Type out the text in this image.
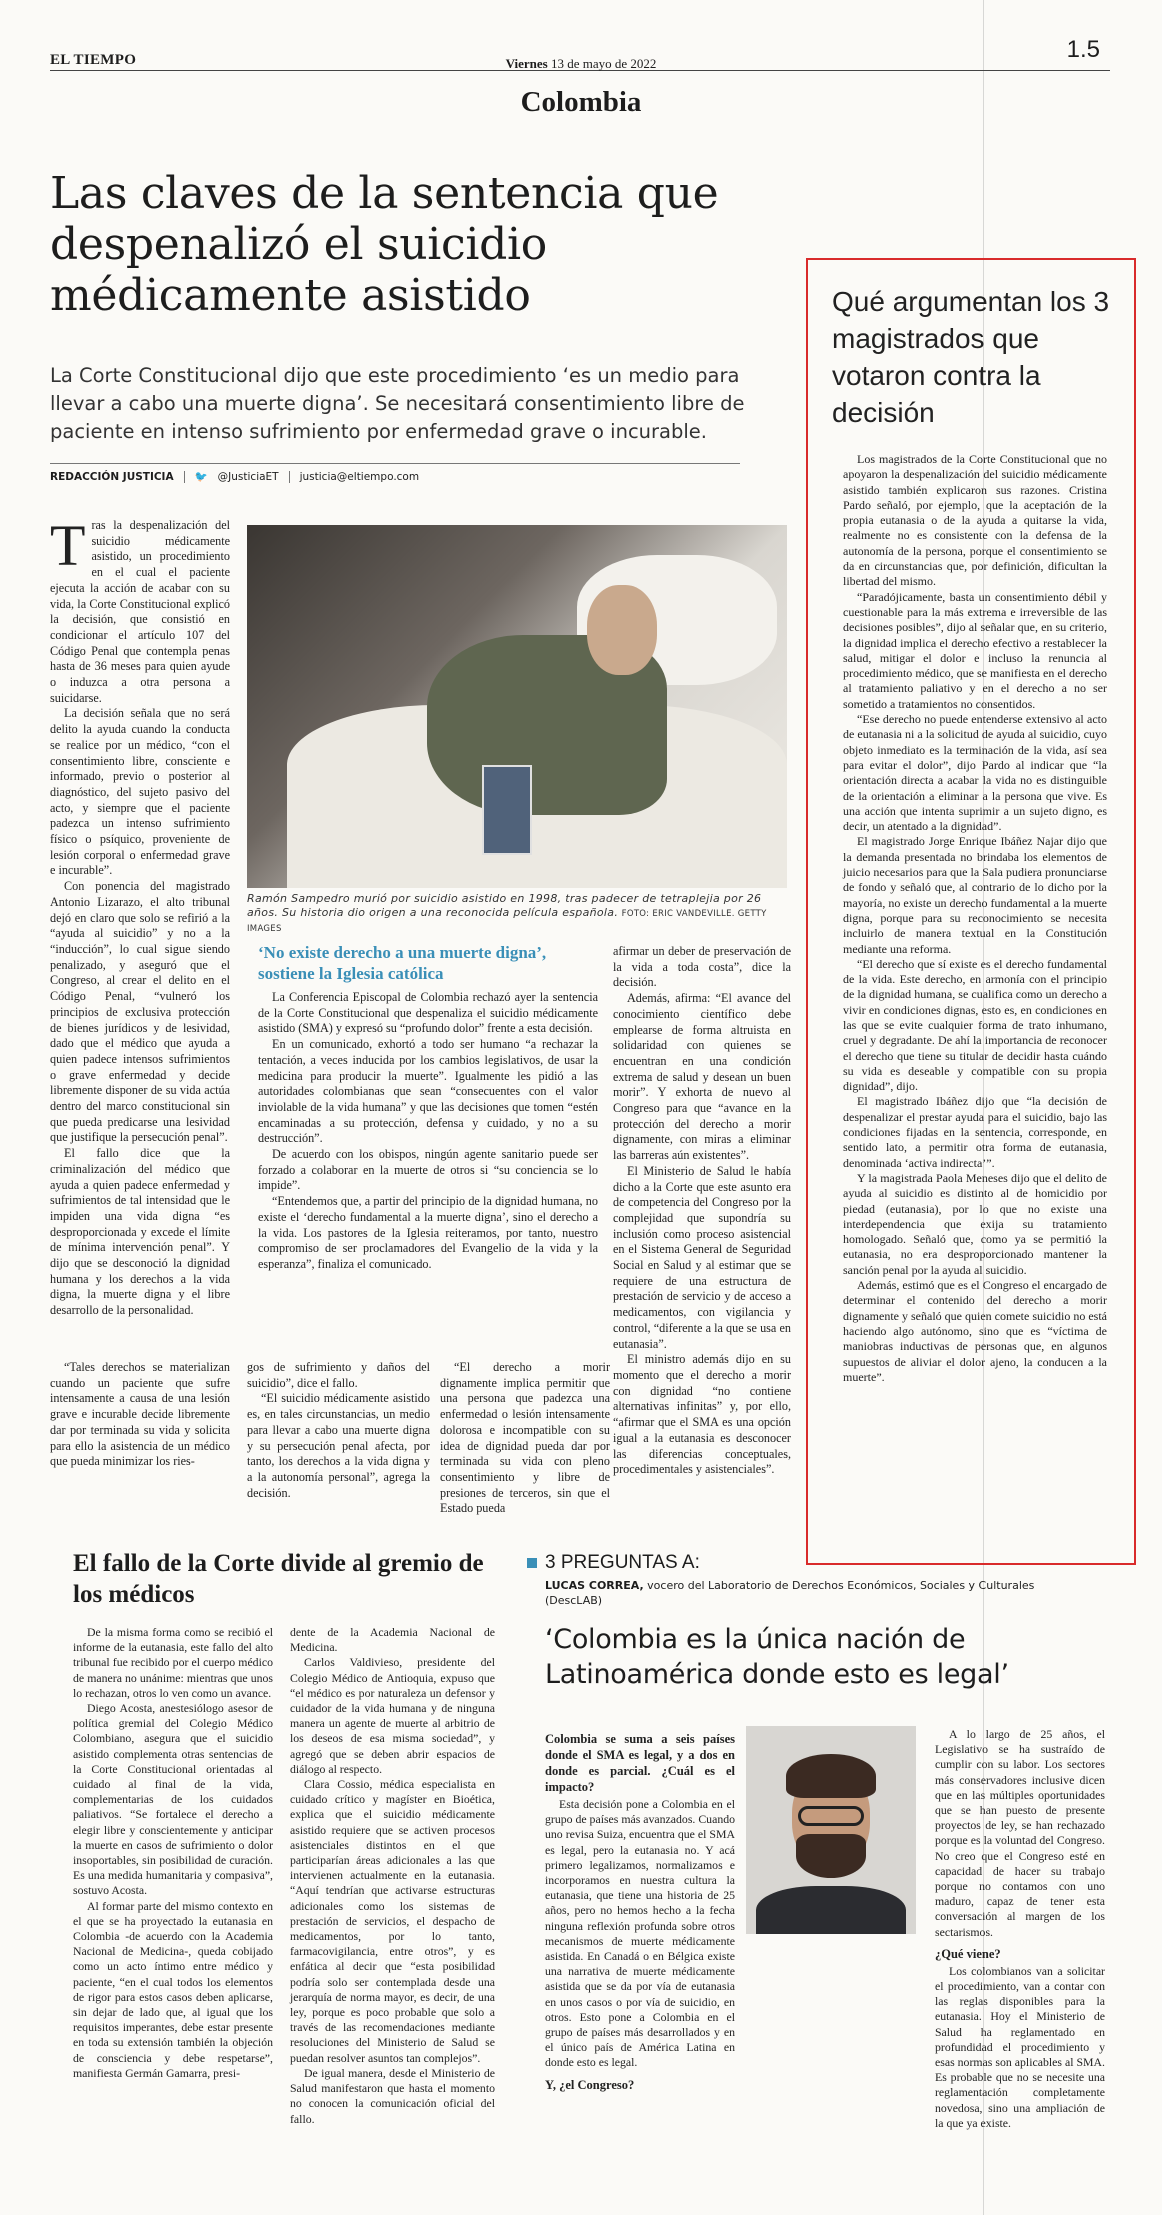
EL TIEMPO	Viernes 13 de mayo de 2022
1.5
Colombia
Las claves de la sentencia que despenalizó el suicidio médicamente asistido
La Corte Constitucional dijo que este procedimiento ‘es un medio para llevar a cabo una muerte digna’. Se necesitará consentimiento libre de paciente en intenso sufrimiento por enfermedad grave o incurable.
REDACCIÓN JUSTICIA 🐦 @JusticiaET justicia@eltiempo.com
T ras la despenalización del suicidio médicamente asistido, un procedimiento en el cual el paciente ejecuta la acción de acabar con su vida, la Corte Constitucional explicó la decisión, que consistió en condicionar el artículo 107 del Código Penal que contempla penas hasta de 36 meses para quien ayude o induzca a otra persona a suicidarse.

La decisión señala que no será delito la ayuda cuando la conducta se realice por un médico, “con el consentimiento libre, consciente e informado, previo o posterior al diagnóstico, del sujeto pasivo del acto, y siempre que el paciente padezca un intenso sufrimiento físico o psíquico, proveniente de lesión corporal o enfermedad grave e incurable”.

Con ponencia del magistrado Antonio Lizarazo, el alto tribunal dejó en claro que solo se refirió a la “ayuda al suicidio” y no a la “inducción”, lo cual sigue siendo penalizado, y aseguró que el Congreso, al crear el delito en el Código Penal, “vulneró los principios de exclusiva protección de bienes jurídicos y de lesividad, dado que el médico que ayuda a quien padece intensos sufrimientos o grave enfermedad y decide libremente disponer de su vida actúa dentro del marco constitucional sin que pueda predicarse una lesividad que justifique la persecución penal”.

El fallo dice que la criminalización del médico que ayuda a quien padece enfermedad y sufrimientos de tal intensidad que le impiden una vida digna “es desproporcionada y excede el límite de mínima intervención penal”. Y dijo que se desconoció la dignidad humana y los derechos a la vida digna, la muerte digna y el libre desarrollo de la personalidad.

“Tales derechos se materializan cuando un paciente que sufre intensamente a causa de una lesión grave e incurable decide libremente dar por terminada su vida y solicita para ello la asistencia de un médico que pueda minimizar los ries-

Ramón Sampedro murió por suicidio asistido en 1998, tras padecer de tetraplejia por 26 años. Su historia dio origen a una reconocida película española. FOTO: ERIC VANDEVILLE. GETTY IMAGES
‘No existe derecho a una muerte digna’, sostiene la Iglesia católica

La Conferencia Episcopal de Colombia rechazó ayer la sentencia de la Corte Constitucional que despenaliza el suicidio médicamente asistido (SMA) y expresó su “profundo dolor” frente a esta decisión.

En un comunicado, exhortó a todo ser humano “a rechazar la tentación, a veces inducida por los cambios legislativos, de usar la medicina para producir la muerte”. Igualmente les pidió a las autoridades colombianas que sean “consecuentes con el valor inviolable de la vida humana” y que las decisiones que tomen “estén encaminadas a su protección, defensa y cuidado, y no a su destrucción”.

De acuerdo con los obispos, ningún agente sanitario puede ser forzado a colaborar en la muerte de otros si “su conciencia se lo impide”.

“Entendemos que, a partir del principio de la dignidad humana, no existe el ‘derecho fundamental a la muerte digna’, sino el derecho a la vida. Los pastores de la Iglesia reiteramos, por tanto, nuestro compromiso de ser proclamadores del Evangelio de la vida y la esperanza”, finaliza el comunicado.

afirmar un deber de preservación de la vida a toda costa”, dice la decisión.

Además, afirma: “El avance del conocimiento científico debe emplearse de forma altruista en solidaridad con quienes se encuentran en una condición extrema de salud y desean un buen morir”. Y exhorta de nuevo al Congreso para que “avance en la protección del derecho a morir dignamente, con miras a eliminar las barreras aún existentes”.

El Ministerio de Salud le había dicho a la Corte que este asunto era de competencia del Congreso por la complejidad que supondría su inclusión como proceso asistencial en el Sistema General de Seguridad Social en Salud y al estimar que se requiere de una estructura de prestación de servicio y de acceso a medicamentos, con vigilancia y control, “diferente a la que se usa en eutanasia”.

El ministro además dijo en su momento que el derecho a morir con dignidad “no contiene alternativas infinitas” y, por ello, “afirmar que el SMA es una opción igual a la eutanasia es desconocer las diferencias conceptuales, procedimentales y asistenciales”.

gos de sufrimiento y daños del suicidio”, dice el fallo.

“El suicidio médicamente asistido es, en tales circunstancias, un medio para llevar a cabo una muerte digna y su persecución penal afecta, por tanto, los derechos a la vida digna y a la autonomía personal”, agrega la decisión.

“El derecho a morir dignamente implica permitir que una persona que padezca una enfermedad o lesión intensamente dolorosa e incompatible con su idea de dignidad pueda dar por terminada su vida con pleno consentimiento y libre de presiones de terceros, sin que el Estado pueda

Qué argumentan los 3 magistrados que votaron contra la decisión

Los magistrados de la Corte Constitucional que no apoyaron la despenalización del suicidio médicamente asistido también explicaron sus razones. Cristina Pardo señaló, por ejemplo, que la aceptación de la propia eutanasia o de la ayuda a quitarse la vida, realmente no es consistente con la defensa de la autonomía de la persona, porque el consentimiento se da en circunstancias que, por definición, dificultan la libertad del mismo.

“Paradójicamente, basta un consentimiento débil y cuestionable para la más extrema e irreversible de las decisiones posibles”, dijo al señalar que, en su criterio, la dignidad implica el derecho efectivo a restablecer la salud, mitigar el dolor e incluso la renuncia al procedimiento médico, que se manifiesta en el derecho al tratamiento paliativo y en el derecho a no ser sometido a tratamientos no consentidos.

“Ese derecho no puede entenderse extensivo al acto de eutanasia ni a la solicitud de ayuda al suicidio, cuyo objeto inmediato es la terminación de la vida, así sea para evitar el dolor”, dijo Pardo al indicar que “la orientación directa a acabar la vida no es distinguible de la orientación a eliminar a la persona que vive. Es una acción que intenta suprimir a un sujeto digno, es decir, un atentado a la dignidad”.

El magistrado Jorge Enrique Ibáñez Najar dijo que la demanda presentada no brindaba los elementos de juicio necesarios para que la Sala pudiera pronunciarse de fondo y señaló que, al contrario de lo dicho por la mayoría, no existe un derecho fundamental a la muerte digna, porque para su reconocimiento se necesita incluirlo de manera textual en la Constitución mediante una reforma.

“El derecho que sí existe es el derecho fundamental de la vida. Este derecho, en armonía con el principio de la dignidad humana, se cualifica como un derecho a vivir en condiciones dignas, esto es, en condiciones en las que se evite cualquier forma de trato inhumano, cruel y degradante. De ahí la importancia de reconocer el derecho que tiene su titular de decidir hasta cuándo su vida es deseable y compatible con su propia dignidad”, dijo.

El magistrado Ibáñez dijo que “la decisión de despenalizar el prestar ayuda para el suicidio, bajo las condiciones fijadas en la sentencia, corresponde, en sentido lato, a permitir otra forma de eutanasia, denominada ‘activa indirecta’”.

Y la magistrada Paola Meneses dijo que el delito de ayuda al suicidio es distinto al de homicidio por piedad (eutanasia), por lo que no existe una interdependencia que exija su tratamiento homologado. Señaló que, como ya se permitió la eutanasia, no era desproporcionado mantener la sanción penal por la ayuda al suicidio.

Además, estimó que es el Congreso el encargado de determinar el contenido del derecho a morir dignamente y señaló que quien comete suicidio no está haciendo algo autónomo, sino que es “víctima de maniobras inductivas de personas que, en algunos supuestos de aliviar el dolor ajeno, la conducen a la muerte”.

El fallo de la Corte divide al gremio de los médicos

De la misma forma como se recibió el informe de la eutanasia, este fallo del alto tribunal fue recibido por el cuerpo médico de manera no unánime: mientras que unos lo rechazan, otros lo ven como un avance.

Diego Acosta, anestesiólogo asesor de política gremial del Colegio Médico Colombiano, asegura que el suicidio asistido complementa otras sentencias de la Corte Constitucional orientadas al cuidado al final de la vida, complementarias de los cuidados paliativos. “Se fortalece el derecho a elegir libre y conscientemente y anticipar la muerte en casos de sufrimiento o dolor insoportables, sin posibilidad de curación. Es una medida humanitaria y compasiva”, sostuvo Acosta.

Al formar parte del mismo contexto en el que se ha proyectado la eutanasia en Colombia -de acuerdo con la Academia Nacional de Medicina-, queda cobijado como un acto íntimo entre médico y paciente, “en el cual todos los elementos de rigor para estos casos deben aplicarse, sin dejar de lado que, al igual que los requisitos imperantes, debe estar presente en toda su extensión también la objeción de consciencia y debe respetarse”, manifiesta Germán Gamarra, presi-

dente de la Academia Nacional de Medicina.

Carlos Valdivieso, presidente del Colegio Médico de Antioquia, expuso que “el médico es por naturaleza un defensor y cuidador de la vida humana y de ninguna manera un agente de muerte al arbitrio de los deseos de esa misma sociedad”, y agregó que se deben abrir espacios de diálogo al respecto.

Clara Cossio, médica especialista en cuidado crítico y magíster en Bioética, explica que el suicidio médicamente asistido requiere que se activen procesos asistenciales distintos en el que participarían áreas adicionales a las que intervienen actualmente en la eutanasia. “Aquí tendrían que activarse estructuras adicionales como los sistemas de prestación de servicios, el despacho de medicamentos, por lo tanto, farmacovigilancia, entre otros”, y es enfática al decir que “esta posibilidad podría solo ser contemplada desde una jerarquía de norma mayor, es decir, de una ley, porque es poco probable que solo a través de las recomendaciones mediante resoluciones del Ministerio de Salud se puedan resolver asuntos tan complejos”.

De igual manera, desde el Ministerio de Salud manifestaron que hasta el momento no conocen la comunicación oficial del fallo.

3 PREGUNTAS A:
LUCAS CORREA, vocero del Laboratorio de Derechos Económicos, Sociales y Culturales (DescLAB)
‘Colombia es la única nación de Latinoamérica donde esto es legal’
Colombia se suma a seis países donde el SMA es legal, y a dos en donde es parcial. ¿Cuál es el impacto?

Esta decisión pone a Colombia en el grupo de países más avanzados. Cuando uno revisa Suiza, encuentra que el SMA es legal, pero la eutanasia no. Y acá primero legalizamos, normalizamos e incorporamos en nuestra cultura la eutanasia, que tiene una historia de 25 años, pero no hemos hecho a la fecha ninguna reflexión profunda sobre otros mecanismos de muerte médicamente asistida. En Canadá o en Bélgica existe una narrativa de muerte médicamente asistida que se da por vía de eutanasia en unos casos o por vía de suicidio, en otros. Esto pone a Colombia en el grupo de países más desarrollados y en el único país de América Latina en donde esto es legal.

Y, ¿el Congreso?

A lo largo de 25 años, el Legislativo se ha sustraído de cumplir con su labor. Los sectores más conservadores inclusive dicen que en las múltiples oportunidades que se han puesto de presente proyectos de ley, se han rechazado porque es la voluntad del Congreso. No creo que el Congreso esté en capacidad de hacer su trabajo porque no contamos con uno maduro, capaz de tener esta conversación al margen de los sectarismos.

¿Qué viene?

Los colombianos van a solicitar el procedimiento, van a contar con las reglas disponibles para la eutanasia. Hoy el Ministerio de Salud ha reglamentado en profundidad el procedimiento y esas normas son aplicables al SMA. Es probable que no se necesite una reglamentación completamente novedosa, sino una ampliación de la que ya existe.
